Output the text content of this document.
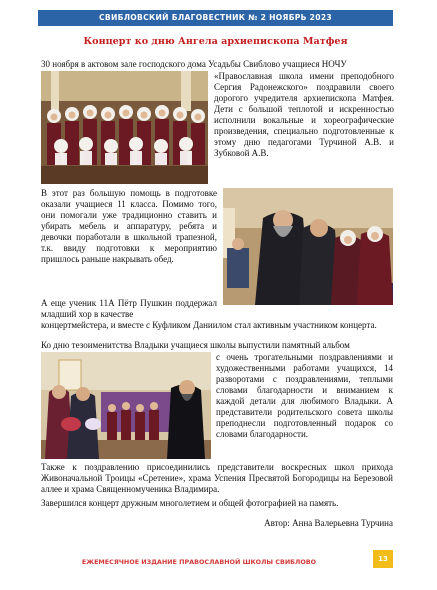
СВИБЛОВСКИЙ БЛАГОВЕСТНИК № 2 НОЯБРЬ 2023
Концерт ко дню Ангела архиепископа Матфея

30 ноября в актовом зале господского дома Усадьбы Свиблово учащиеся НОЧУ

«Православная школа имени преподобного Сергия Радонежского» поздравили своего дорогого учредителя архиепископа Матфея. Дети с большой теплотой и искренностью исполнили вокальные и хореографические произведения, специально подготовленные к этому дню педагогами Турчиной А.В. и Зубковой А.В.

В этот раз большую помощь в подготовке оказали учащиеся 11 класса. Помимо того, они помогали уже традиционно ставить и убирать мебель и аппаратуру, ребята и девочки поработали в школьной трапезной, т.к. ввиду подготовки к мероприятию пришлось раньше накрывать обед.

А еще ученик 11А Пётр Пушкин поддержал младший хор в качестве

концертмейстера, и вместе с Куфликом Даниилом стал активным участником концерта.

Ко дню тезоименитства Владыки учащиеся школы выпустили памятный альбом

с очень трогательными поздравлениями и художественными работами учащихся, 14 разворотами с поздравлениями, теплыми словами благодарности и вниманием к каждой детали для любимого Владыки. А представители родительского совета школы преподнесли подготовленный подарок со словами благодарности.

Также к поздравлению присоединились представители воскресных школ прихода Живоначальной Троицы «Сретение», храма Успения Пресвятой Богородицы на Березовой аллее и храма Священномученика Владимира.

Завершился концерт дружным многолетием и общей фотографией на память.

Автор: Анна Валерьевна Турчина
ЕЖЕМЕСЯЧНОЕ ИЗДАНИЕ ПРАВОСЛАВНОЙ ШКОЛЫ СВИБЛОВО	13
